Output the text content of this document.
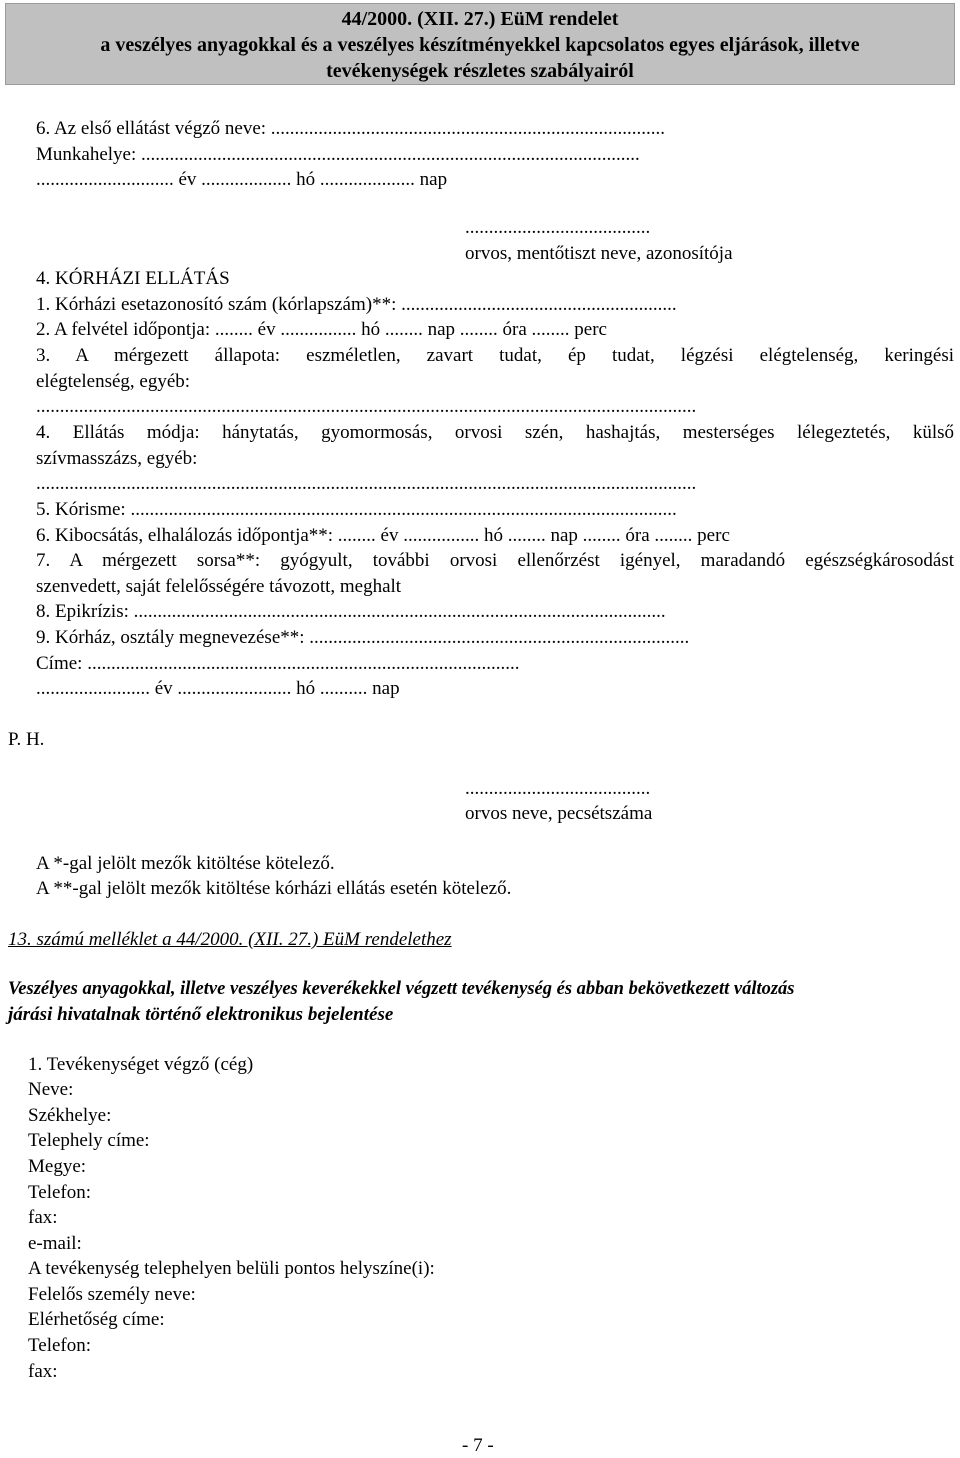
44/2000. (XII. 27.) EüM rendelet
a veszélyes anyagokkal és a veszélyes készítményekkel kapcsolatos egyes eljárások, illetve
tevékenységek részletes szabályairól
6. Az első ellátást végző neve: ...................................................................................
Munkahelye: .........................................................................................................
............................. év ................... hó .................... nap
.......................................
orvos, mentőtiszt neve, azonosítója
4. KÓRHÁZI ELLÁTÁS
1. Kórházi esetazonosító szám (kórlapszám)**: ..........................................................
2. A felvétel időpontja: ........ év ................ hó ........ nap ........ óra ........ perc
3. A mérgezett állapota: eszméletlen, zavart tudat, ép tudat, légzési elégtelenség, keringési
elégtelenség, egyéb:
...........................................................................................................................................
4. Ellátás módja: hánytatás, gyomormosás, orvosi szén, hashajtás, mesterséges lélegeztetés, külső
szívmasszázs, egyéb:
...........................................................................................................................................
5. Kórisme: ...................................................................................................................
6. Kibocsátás, elhalálozás időpontja**: ........ év ................ hó ........ nap ........ óra ........ perc
7. A mérgezett sorsa**: gyógyult, további orvosi ellenőrzést igényel, maradandó egészségkárosodást
szenvedett, saját felelősségére távozott, meghalt
8. Epikrízis: ................................................................................................................
9. Kórház, osztály megnevezése**: ................................................................................
Címe: ...........................................................................................
........................ év ........................ hó .......... nap
P. H.
.......................................
orvos neve, pecsétszáma
A *-gal jelölt mezők kitöltése kötelező.
A **-gal jelölt mezők kitöltése kórházi ellátás esetén kötelező.
13. számú melléklet a 44/2000. (XII. 27.) EüM rendelethez
Veszélyes anyagokkal, illetve veszélyes keverékekkel végzett tevékenység és abban bekövetkezett változás
járási hivatalnak történő elektronikus bejelentése
1. Tevékenységet végző (cég)
Neve:
Székhelye:
Telephely címe:
Megye:
Telefon:
fax:
e-mail:
A tevékenység telephelyen belüli pontos helyszíne(i):
Felelős személy neve:
Elérhetőség címe:
Telefon:
fax:
- 7 -
